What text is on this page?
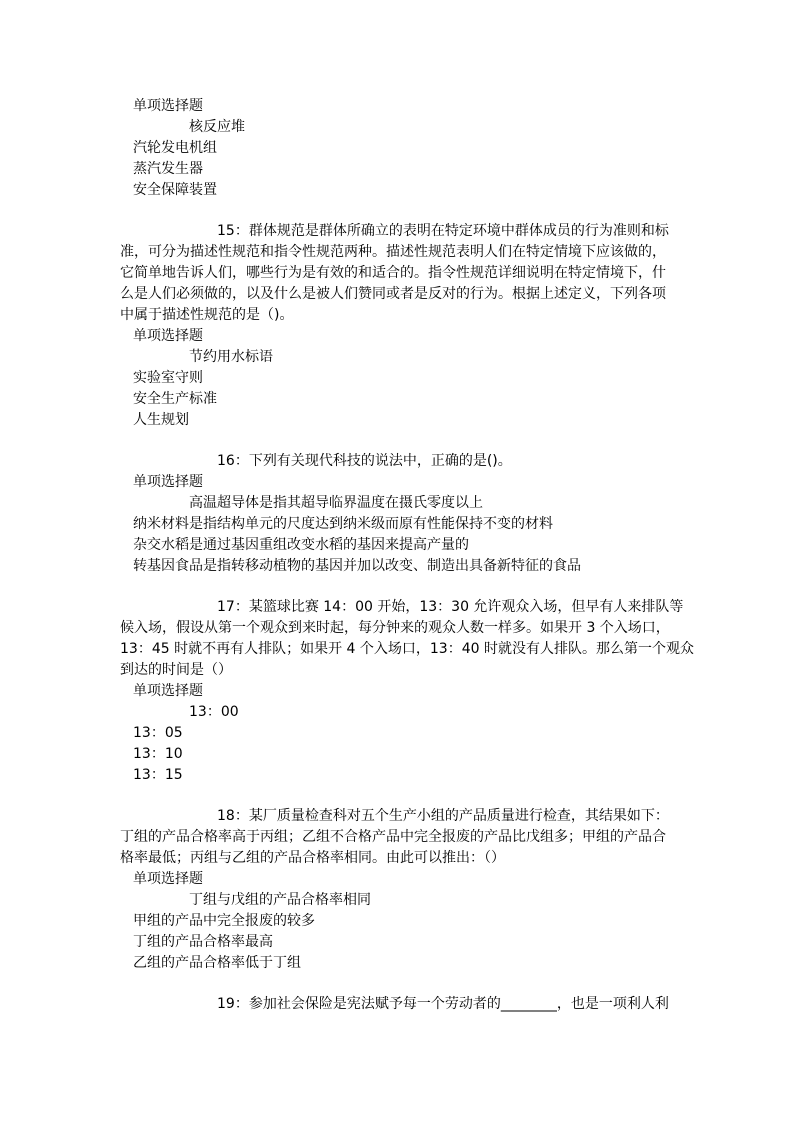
单项选择题
核反应堆
汽轮发电机组
蒸汽发生器
安全保障装置
15：群体规范是群体所确立的表明在特定环境中群体成员的行为准则和标
准，可分为描述性规范和指令性规范两种。描述性规范表明人们在特定情境下应该做的，
它简单地告诉人们，哪些行为是有效的和适合的。指令性规范详细说明在特定情境下，什
么是人们必须做的，以及什么是被人们赞同或者是反对的行为。根据上述定义，下列各项
中属于描述性规范的是（)。
单项选择题
节约用水标语
实验室守则
安全生产标准
人生规划
16：下列有关现代科技的说法中，正确的是()。
单项选择题
高温超导体是指其超导临界温度在摄氏零度以上
纳米材料是指结构单元的尺度达到纳米级而原有性能保持不变的材料
杂交水稻是通过基因重组改变水稻的基因来提高产量的
转基因食品是指转移动植物的基因并加以改变、制造出具备新特征的食品
17：某篮球比赛 14：00 开始，13：30 允许观众入场，但早有人来排队等
候入场，假设从第一个观众到来时起，每分钟来的观众人数一样多。如果开 3 个入场口，
13：45 时就不再有人排队；如果开 4 个入场口，13：40 时就没有人排队。那么第一个观众
到达的时间是（）
单项选择题
13：00
13：05
13：10
13：15
18：某厂质量检查科对五个生产小组的产品质量进行检查，其结果如下：
丁组的产品合格率高于丙组；乙组不合格产品中完全报废的产品比戊组多；甲组的产品合
格率最低；丙组与乙组的产品合格率相同。由此可以推出：（）
单项选择题
丁组与戊组的产品合格率相同
甲组的产品中完全报废的较多
丁组的产品合格率最高
乙组的产品合格率低于丁组
19：参加社会保险是宪法赋予每一个劳动者的________，也是一项利人利
